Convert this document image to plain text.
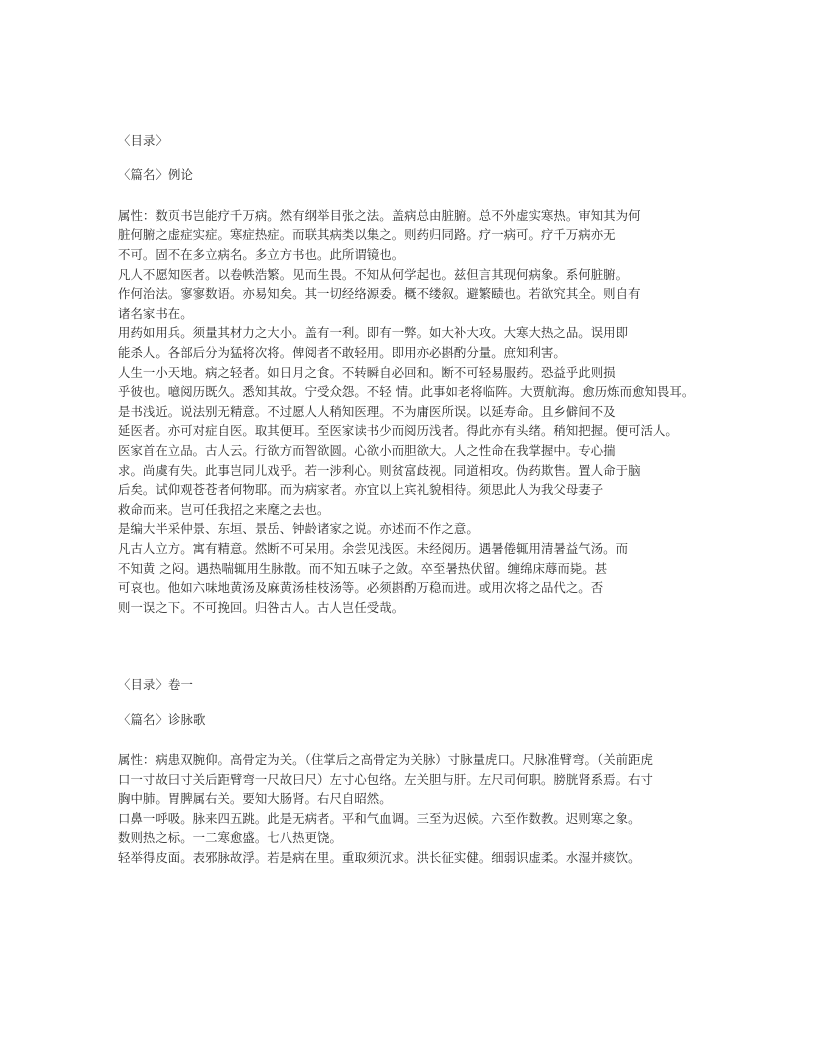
〈目录〉
〈篇名〉例论
属性：数页书岂能疗千万病。然有纲举目张之法。盖病总由脏腑。总不外虚实寒热。审知其为何
脏何腑之虚症实症。寒症热症。而联其病类以集之。则药归同路。疗一病可。疗千万病亦无
不可。固不在多立病名。多立方书也。此所谓镜也。
凡人不愿知医者。以卷帙浩繁。见而生畏。不知从何学起也。兹但言其现何病象。系何脏腑。
作何治法。寥寥数语。亦易知矣。其一切经络源委。概不缕叙。避繁赜也。若欲究其全。则自有
诸名家书在。
用药如用兵。须量其材力之大小。盖有一利。即有一弊。如大补大攻。大寒大热之品。误用即
能杀人。各部后分为猛将次将。俾阅者不敢轻用。即用亦必斟酌分量。庶知利害。
人生一小天地。病之轻者。如日月之食。不转瞬自必回和。断不可轻易服药。恐益乎此则损
乎彼也。噫阅历既久。悉知其故。宁受众怨。不轻 情。此事如老将临阵。大贾航海。愈历炼而愈知畏耳。
是书浅近。说法别无精意。不过愿人人稍知医理。不为庸医所误。以延寿命。且乡僻间不及
延医者。亦可对症自医。取其便耳。至医家读书少而阅历浅者。得此亦有头绪。稍知把握。便可活人。
医家首在立品。古人云。行欲方而智欲圆。心欲小而胆欲大。人之性命在我掌握中。专心揣
求。尚虞有失。此事岂同儿戏乎。若一涉利心。则贫富歧视。同道相攻。伪药欺售。置人命于脑
后矣。试仰观苍苍者何物耶。而为病家者。亦宜以上宾礼貌相待。须思此人为我父母妻子
救命而来。岂可任我招之来麾之去也。
是编大半采仲景、东垣、景岳、钟龄诸家之说。亦述而不作之意。
凡古人立方。寓有精意。然断不可呆用。余尝见浅医。未经阅历。遇暑倦辄用清暑益气汤。而
不知黄 之闷。遇热喘辄用生脉散。而不知五味子之敛。卒至暑热伏留。缠绵床蓐而毙。甚
可哀也。他如六味地黄汤及麻黄汤桂枝汤等。必须斟酌万稳而进。或用次将之品代之。否
则一误之下。不可挽回。归咎古人。古人岂任受哉。
〈目录〉卷一
〈篇名〉诊脉歌
属性：病患双腕仰。高骨定为关。（住掌后之高骨定为关脉）寸脉量虎口。尺脉准臂弯。（关前距虎
口一寸故曰寸关后距臂弯一尺故曰尺）左寸心包络。左关胆与肝。左尺司何职。膀胱肾系焉。右寸
胸中肺。胃脾属右关。要知大肠肾。右尺自昭然。
口鼻一呼吸。脉来四五跳。此是无病者。平和气血调。三至为迟候。六至作数教。迟则寒之象。
数则热之标。一二寒愈盛。七八热更饶。
轻举得皮面。表邪脉故浮。若是病在里。重取须沉求。洪长征实健。细弱识虚柔。水湿并痰饮。
